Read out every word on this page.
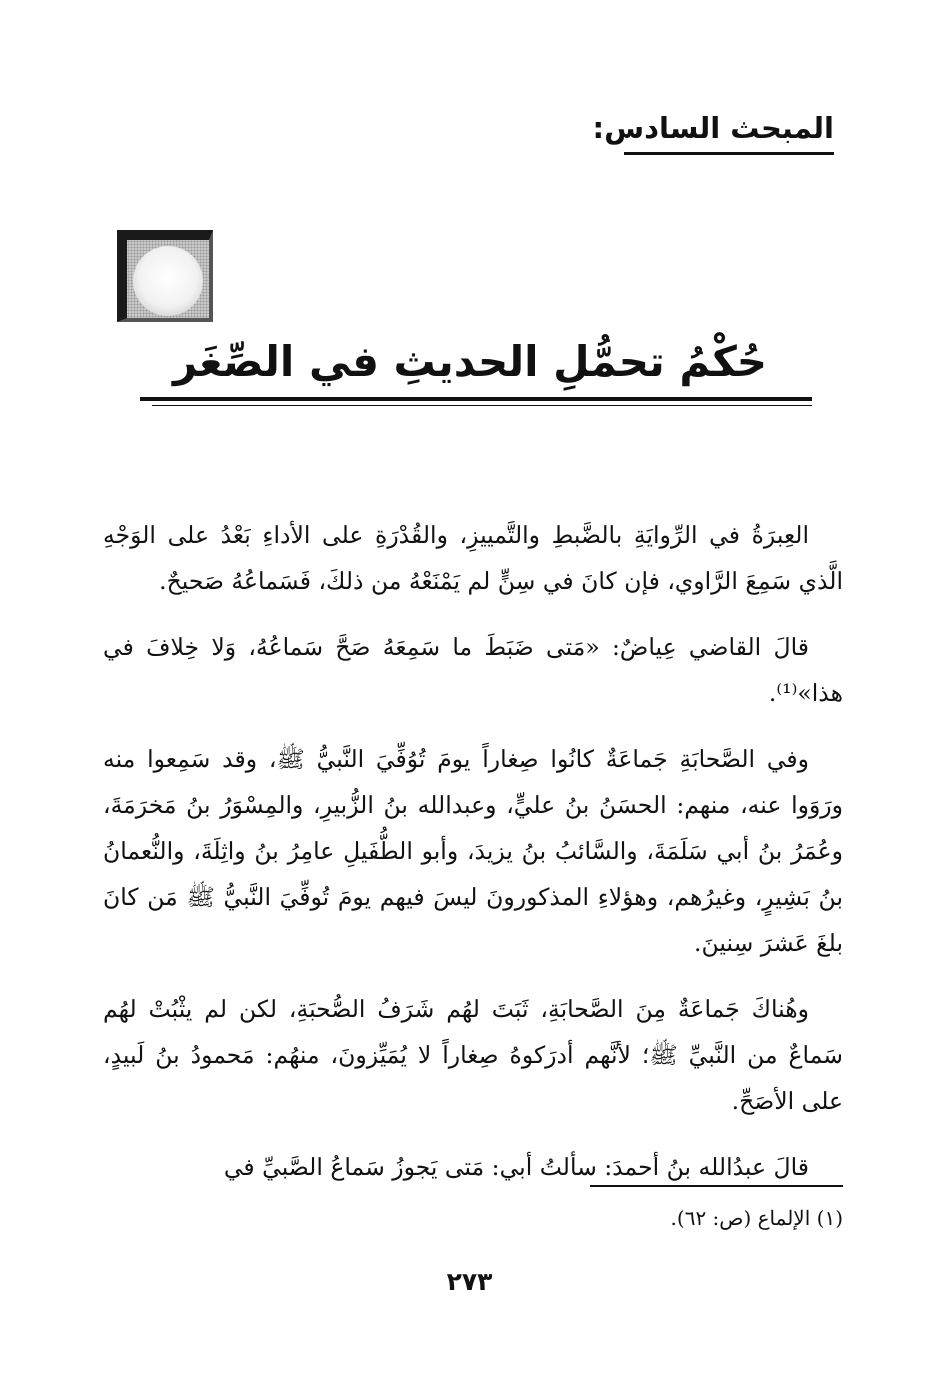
المبحث السادس:
حُكْمُ تحمُّلِ الحديثِ في الصِّغَر

العِبرَةُ في الرِّوايَةِ بالضَّبطِ والتَّمييزِ، والقُدْرَةِ على الأداءِ بَعْدُ على الوَجْهِ الَّذي سَمِعَ الرَّاوي، فإن كانَ في سِنٍّ لم يَمْنَعْهُ من ذلكَ، فَسَماعُهُ صَحيحٌ.

قالَ القاضي عِياضٌ: «مَتى ضَبَطَ ما سَمِعَهُ صَحَّ سَماعُهُ، وَلا خِلافَ في هذا»⁽¹⁾.

وفي الصَّحابَةِ جَماعَةٌ كانُوا صِغاراً يومَ تُوُفِّيَ النَّبيُّ ﷺ، وقد سَمِعوا منه ورَوَوا عنه، منهم: الحسَنُ بنُ عليٍّ، وعبدالله بنُ الزُّبيرِ، والمِسْوَرُ بنُ مَخرَمَةَ، وعُمَرُ بنُ أبي سَلَمَةَ، والسَّائبُ بنُ يزيدَ، وأبو الطُّفَيلِ عامِرُ بنُ واثِلَةَ، والنُّعمانُ بنُ بَشِيرٍ، وغيرُهم، وهؤلاءِ المذكورونَ ليسَ فيهم يومَ تُوفِّيَ النَّبيُّ ﷺ مَن كانَ بلغَ عَشرَ سِنينَ.

وهُناكَ جَماعَةٌ مِنَ الصَّحابَةِ، ثَبَتَ لهُم شَرَفُ الصُّحبَةِ، لكن لم يثْبُتْ لهُم سَماعٌ من النَّبيِّ ﷺ؛ لأنَّهم أدرَكوهُ صِغاراً لا يُمَيِّزونَ، منهُم: مَحمودُ بنُ لَبيدٍ، على الأصَحِّ.

قالَ عبدُالله بنُ أحمدَ: سألتُ أبي: مَتى يَجوزُ سَماعُ الصَّبيِّ في

(١) الإلماع (ص: ٦٢).
٢٧٣
